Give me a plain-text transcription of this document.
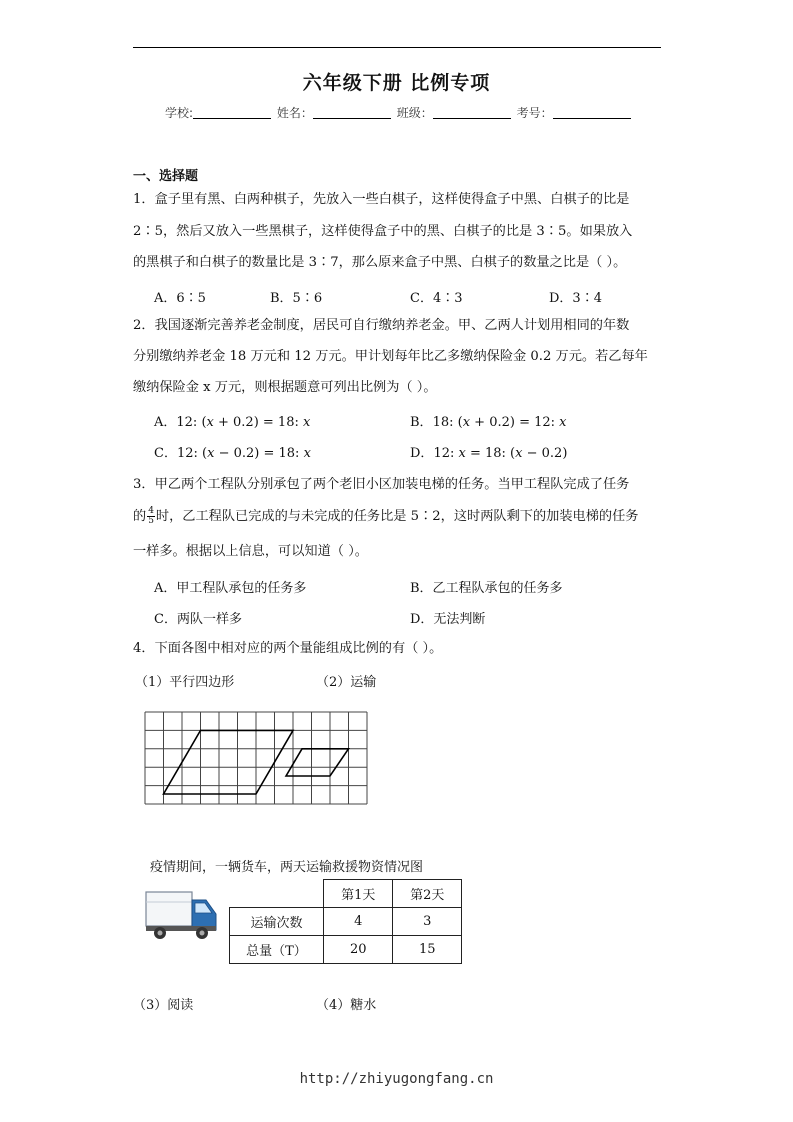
六年级下册 比例专项
学校:	姓名：	班级：	考号：
一、选择题
1．盒子里有黑、白两种棋子，先放入一些白棋子，这样使得盒子中黑、白棋子的比是
2∶5，然后又放入一些黑棋子，这样使得盒子中的黑、白棋子的比是 3∶5。如果放入
的黑棋子和白棋子的数量比是 3∶7，那么原来盒子中黑、白棋子的数量之比是（ ）。
A．6∶5	B．5∶6	C．4∶3	D．3∶4
2．我国逐渐完善养老金制度，居民可自行缴纳养老金。甲、乙两人计划用相同的年数
分别缴纳养老金 18 万元和 12 万元。甲计划每年比乙多缴纳保险金 0.2 万元。若乙每年
缴纳保险金 x 万元，则根据题意可列出比例为（ ）。
A．12: (x + 0.2) = 18: x	B．18: (x + 0.2) = 12: x
C．12: (x − 0.2) = 18: x	D．12: x = 18: (x − 0.2)
3．甲乙两个工程队分别承包了两个老旧小区加装电梯的任务。当甲工程队完成了任务
的 $\frac{4}{5}$ 时，乙工程队已完成的与未完成的任务比是 5∶2，这时两队剩下的加装电梯的任务
一样多。根据以上信息，可以知道（ ）。
A．甲工程队承包的任务多	B．乙工程队承包的任务多
C．两队一样多	D．无法判断
4．下面各图中相对应的两个量能组成比例的有（ ）。
（1）平行四边形	（2）运输
疫情期间，一辆货车，两天运输救援物资情况图
	第1天	第2天
运输次数	4	3
总量（T）	20	15
（3）阅读	（4）糖水
http://zhiyugongfang.cn
